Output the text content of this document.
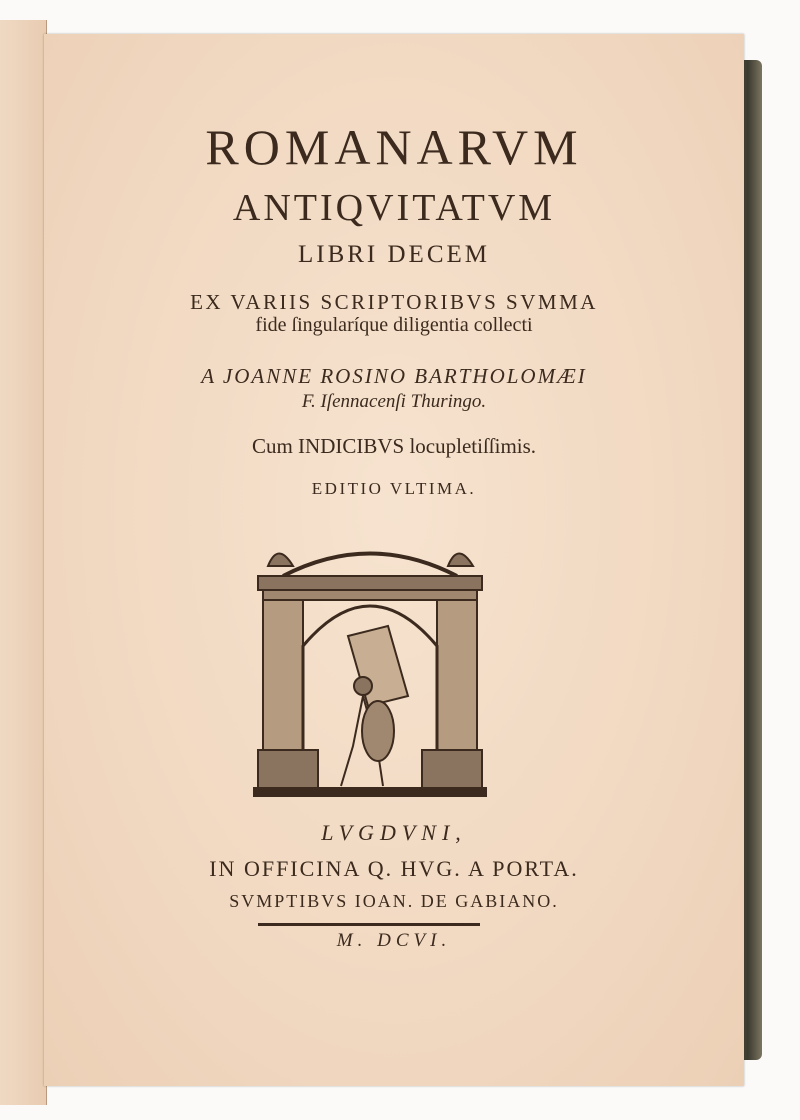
ROMANARVM
ANTIQVITATVM
LIBRI DECEM
EX VARIIS SCRIPTORIBVS SVMMA
fide ſingularíque diligentia collecti
A JOANNE ROSINO BARTHOLOMÆI
F. Iſennacenſi Thuringo.
Cum INDICIBVS locupletiſſimis.
EDITIO VLTIMA.
LVGDVNI,
IN OFFICINA Q. HVG. A PORTA.
SVMPTIBVS IOAN. DE GABIANO.
M. DCVI.
